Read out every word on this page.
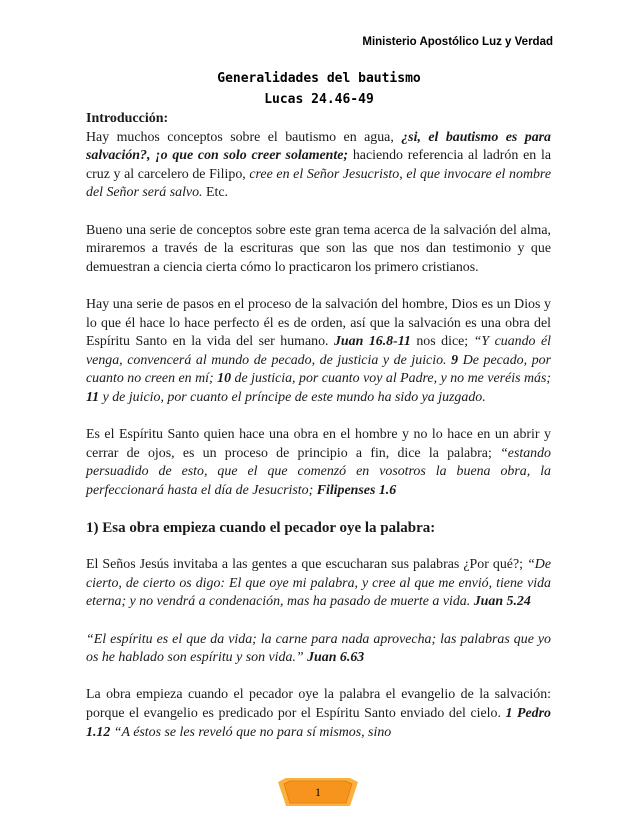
Ministerio Apostólico Luz y Verdad
Generalidades del bautismo
Lucas 24.46-49
Introducción:

Hay muchos conceptos sobre el bautismo en agua, ¿si, el bautismo es para salvación?, ¡o que con solo creer solamente; haciendo referencia al ladrón en la cruz y al carcelero de Filipo, cree en el Señor Jesucristo, el que invocare el nombre del Señor será salvo. Etc.

Bueno una serie de conceptos sobre este gran tema acerca de la salvación del alma, miraremos a través de la escrituras que son las que nos dan testimonio y que demuestran a ciencia cierta cómo lo practicaron los primero cristianos.

Hay una serie de pasos en el proceso de la salvación del hombre, Dios es un Dios y lo que él hace lo hace perfecto él es de orden, así que la salvación es una obra del Espíritu Santo en la vida del ser humano. Juan 16.8-11 nos dice; “Y cuando él venga, convencerá al mundo de pecado, de justicia y de juicio. 9 De pecado, por cuanto no creen en mí; 10 de justicia, por cuanto voy al Padre, y no me veréis más; 11 y de juicio, por cuanto el príncipe de este mundo ha sido ya juzgado.

Es el Espíritu Santo quien hace una obra en el hombre y no lo hace en un abrir y cerrar de ojos, es un proceso de principio a fin, dice la palabra; “estando persuadido de esto, que el que comenzó en vosotros la buena obra, la perfeccionará hasta el día de Jesucristo; Filipenses 1.6

1) Esa obra empieza cuando el pecador oye la palabra:

El Seños Jesús invitaba a las gentes a que escucharan sus palabras ¿Por qué?; “De cierto, de cierto os digo: El que oye mi palabra, y cree al que me envió, tiene vida eterna; y no vendrá a condenación, mas ha pasado de muerte a vida. Juan 5.24

“El espíritu es el que da vida; la carne para nada aprovecha; las palabras que yo os he hablado son espíritu y son vida.” Juan 6.63

La obra empieza cuando el pecador oye la palabra el evangelio de la salvación: porque el evangelio es predicado por el Espíritu Santo enviado del cielo. 1 Pedro 1.12 “A éstos se les reveló que no para sí mismos, sino

1
